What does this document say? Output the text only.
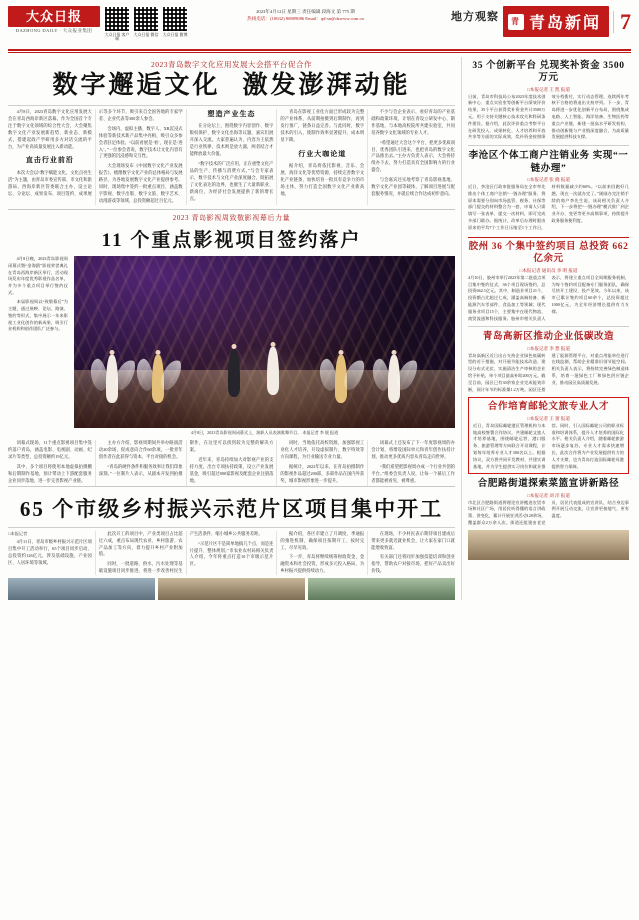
大众日报
DAZHONG DAILY · 大众报业集团
大众日报 客户端
大众日报 微信 大众日报 微博
2023年4月12日 星期三 责任编辑 段海文 第 775 期
热线电话：(10632) 80889086 Email：qd-sn@dzwww.com.cn	地方观察	青 青岛新闻 7
2023青岛数字文化应用发展大会搭平台促合作
数字邂逅文化 激发澎湃动能

4月8日，2023青岛数字文化应用发展大会在青岛西海岸新区落幕。作为全国首个专注于数字文化领域的综合性大会，大会聚焦数字文化产业发展新趋势、新业态、新模式，搭建起政产学研用多方对话交流的平台，为产业高质量发展注入新动能。

直击行业前沿

本次大会以“数字赋能文化，文化点亮生活”为主题，由青岛市委宣传部、市文化和旅游局、西海岸新区管委联合主办，设主论坛、分论坛、成果发布、项目签约、成果展示等多个环节，吸引来自全国各地的专家学者、企业代表等300余人参会。

会场内，虚拟主播、数字人、XR沉浸式体验等新技术新产品集中亮相，吸引众多参会者驻足体验。“以前看展是‘看’，现在是‘进入’。”一位参会者说，数字技术让文化内容有了更强的沉浸感和交互性。

大会现场发布《中国数字文化产业发展报告》，梳理数字文化产业的总体格局与发展路径，为各地发展数字文化产业提供参考。同时，现场集中签约一批重点项目，涵盖数字影视、数字出版、数字文旅、数字艺术、动漫游戏等领域，总投资额超过百亿元。

塑造产业生态

在分论坛上，围绕数字内容创作、数字版权保护、数字文化出海等议题，嘉宾们展开深入交流。大家普遍认为，内容为王依然是行业铁律，技术则是放大器，两者结合才能释放最大价值。

“数字技术的广泛应用，正在重塑文化产品的生产、传播与消费方式。”与会专家表示，数字技术与文化产业深度融合，既拓展了文化表达的边界，也催生了大量新职业、新岗位，为经济社会发展提供了新的增长点。

青岛在影视工业化方面已形成较为完整的产业体系，从前期拍摄到后期制作，再到发行推广，链条日益完善。与此同时，数字技术的引入，使制作效率显著提升，成本明显下降。

行业大咖论道

据介绍，青岛将依托影视、音乐、会展、海洋文化等优势资源，持续完善数字文化产业链条，加快培育一批具有竞争力的市场主体，努力打造全国数字文化产业新高地。

不少与会企业表示，看好青岛的产业基础和政策环境，计划在青设立研发中心、制作基地，与本地高校院所共建实验室，共同培养数字文化领域的专业人才。

“希望通过大会这个平台，把更多优质项目、优秀团队引进来，也把青岛的数字文化产品推出去。”主办方负责人表示，大会将持续办下去，努力打造具有全国影响力的行业盛会。

与会嘉宾还实地考察了青岛影视基地、数字文化产业园等载体，了解项目进展与配套服务情况，并就后续合作达成初步意向。

2023 青岛影视周致敬影视幕后力量
11 个重点影视项目签约落户

4月8日晚，2023青岛影视周闭幕式暨“金海鸥”影视荣誉典礼在青岛西海岸新区举行，活动现场发布年度优秀影视作品名单，并为多个重点项目举行签约仪式。

本届影视周以“致敬幕后”为主题，通过展映、论坛、路演、签约等形式，集中展示一年来影视工业化创作的新成果，吸引行业机构和创作团队广泛参与。

4月8日，2023青岛影视周闭幕式上，演职人员表演歌舞节目。 本报记者 李 媛 报道

闭幕式现场，11个重点影视项目集中签约落户青岛，涵盖电影、电视剧、动画、纪录片等类型，总投资额约19亿元。

其中，多个项目将使用本地虚拟拍摄棚和后期制作基地，预计带动上下游配套服务企业同步落地，进一步完善影视产业链。

主办方介绍，影视周期间共举办路演活动20余场，促成意向合作60余项，一批青年创作者在此获得与资本、平台对接的机会。

“青岛的硬件条件和服务效率让我们印象深刻。”一位制片人表示，从剧本开发到拍摄制作，在这里可以找到较为完整的解决方案。

近年来，青岛持续加大对影视产业的支持力度，出台专项扶持政策，设立产业发展基金，吸引超过800家影视及配套企业注册落地。

同时，当地依托高校资源，加强影视工业化人才培养，开设虚拟制片、数字特效等方向课程，为行业输送专业力量。

据统计，2022年以来，在青岛拍摄制作的影视作品超过200部，多部作品在国内外获奖，城市影视形象进一步提升。

闭幕式上还发布了下一年度影视周的办会计划，将增设国际单元和青年创作扶持计划，推动更多优质内容从青岛走向世界。

“我们希望把影视周办成一个行业共创的平台。”组委会负责人说，让每一个幕后工作者都能被看见、被尊重。

65 个市级乡村振兴示范片区项目集中开工
□本报记者

4月11日，青岛市级乡村振兴示范片区项目集中开工活动举行，65个项目同步启动，总投资约126亿元，涉及基础设施、产业园区、人居环境等领域。

此次开工的项目中，产业类项目占比超过六成，重点布局现代农业、乡村旅游、农产品加工等方向，着力提升乡村产业附加值。

同时，一批道路、供水、污水处理等基础设施项目同步推进，将进一步改善村民生产生活条件，缩小城乡公共服务差距。

“示范片区不是简单地搞几个点，而是连片提升、整体规划。”市农业农村局相关负责人介绍，今年将重点打造10个市级示范片区。

据介绍，各区市建立了月调度、季通报的推进机制，确保项目按期开工、按时完工、尽早见效。

下一步，青岛将继续统筹财政资金、金融资本和社会投资，形成多元投入格局，为乡村振兴提供持续动力。

在现场，不少村民表示期待项目建成后带来更多就近就业机会，让大家在家门口就能增收致富。

有关部门还将同步加强技能培训和创业指导，帮助农户对接市场，把好产品卖出好价钱。

35 个创新平台 兑现奖补资金 3500 万元
□本报记者 王 凯 报道
日前，青岛市科技局公布2023年度技术创新中心、重点实验室等创新平台绩效评价结果，35个平台获得奖补资金共计3500万元，用于支持关键核心技术攻关和科研条件建设。据介绍，此次评价重点考察平台在研发投入、成果转化、人才培养和开放共享等方面的实际成效，奖补资金按照绩效分档拨付，实行动态管理，连续两年考核不合格的将退出支持序列。下一步，青岛将进一步优化创新平台布局，围绕集成电路、人工智能、海洋装备、生物医药等重点产业链，新建一批高水平研发机构，推动创新链与产业链深度融合，为高质量发展提供科技支撑。
李沧区个体工商户注销业务 实现“一链办理”
□本报记者 张 晓 报道
近日，李沧区行政审批服务局在全市率先推出个体工商户注销“一链办理”服务，将原本需要分别向市场监管、税务、社保等部门提交的材料整合为一套，申请人只需填写一张表单、提交一次材料，即可完成多部门联办。据统计，改革后办理时限由原来的平均7个工作日压缩至1个工作日，材料数量减少约60%。“以前来回跑好几趟，现在一次就办完了。”刚刚办完注销手续的商户李先生说。该局相关负责人介绍，下一步将把“一链办理”模式推广到企业开办、变更等更多高频事项，持续提升政务服务便利度。
胶州 36 个集中签约项目 总投资 662 亿余元
□本报记者 通讯员 李 明 报道
4月10日，胶州市举行2023年第二批重点项目集中签约仪式，36个项目现场签约，总投资662.1亿元。其中，制造业项目21个，投资额占比超过七成，涵盖高端装备、新能源汽车零部件、食品加工等领域；现代服务业项目15个，主要集中在现代物流、商贸流通和科技服务。胶州市相关负责人表示，将建立重点项目全周期服务机制，为每个签约项目配备专门服务团队，确保尽快开工建设、投产见效。今年以来，该市已累计签约项目60余个，总投资超过1000亿元，为全年经济增长提供有力支撑。
青岛高新区推动企业低碳改造
□本报记者 李 想 报道
青岛高新区近日出台支持企业绿色低碳转型的若干措施，对开展节能技术改造、建设分布式光伏、实施清洁生产审核的企业给予补贴，单个项目最高补助200万元。截至目前，园区已有30余家企业完成能效诊断，预计年节约标准煤1.2万吨。园区还搭建了能源管理平台，对重点用能单位进行在线监测，帮助企业精准识别节能空间。相关负责人表示，将持续完善绿色制造体系，培育一批绿色工厂和绿色供应链企业，推动园区高质量发展。
合作培育邮轮文旅专业人才
□本报记者 王 蕾 报道
近日，青岛国际邮轮港区管理机构与本地高校签署合作协议，共建邮轮文旅人才培养基地，围绕邮轮运营、港口服务、旅游管理等方向联合开设课程，计划每年培养专业人才300名以上。根据协议，双方将共同开发教材、共建实训基地，并为学生提供实习岗位和就业推荐。同时，引入国际邮轮公司的职业标准和培训体系，提升人才培养的国际化水平。相关负责人介绍，随着邮轮旅游市场逐步复苏，专业人才需求快速增长，此次合作将为产业发展提供有力的人才支撑，也为青岛打造国际邮轮母港提供智力保障。
合肥路街道探索菜篮宣讲新路径
□本报记者 刘 洋 报道
市北区合肥路街道将理论宣讲搬进农贸市场和社区广场，用居民听得懂的语言讲政策、讲变化，累计开展宣讲活动120余场，覆盖群众2万余人次。街道还组建由老党员、居民代表组成的宣讲队，结合身边事例开展互动交流，让宣讲更接地气、更有温度。
